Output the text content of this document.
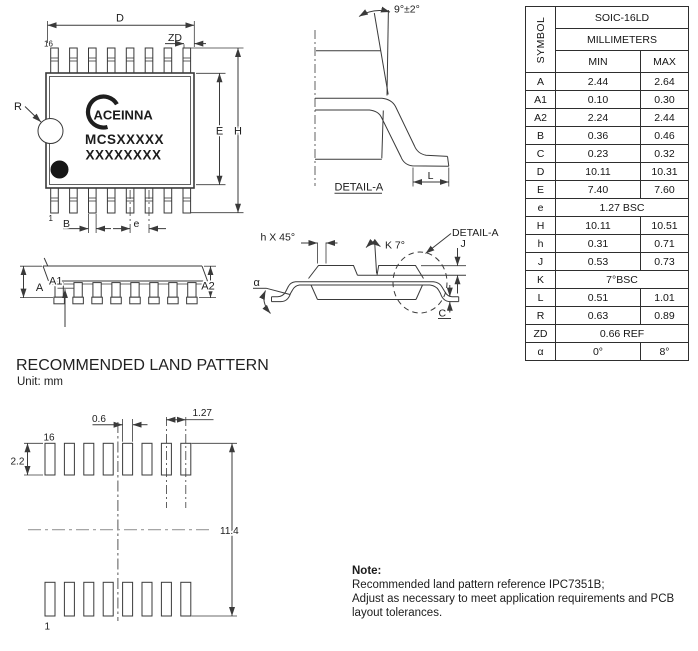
R
ACEINNA
MCSXXXXX
XXXXXXXX
16
1
D
ZD
E H
B	e
9°±2°
DETAIL-A
L
A
A1	A2
K 7°
h X 45°
J
C
α
DETAIL-A
16
1
2.2
0.6
1.27
11.4
RECOMMENDED LAND PATTERN
Unit: mm
Note:
Recommended land pattern reference IPC7351B;
Adjust as necessary to meet application requirements and PCB
layout tolerances.
SYMBOL	SOIC-16LD	
	MILLIMETERS	
	MIN	MAX
A	2.44	2.64
A1	0.10	0.30
A2	2.24	2.44
B	0.36	0.46
C	0.23	0.32
D	10.11	10.31
E	7.40	7.60
e	1.27 BSC	
H	10.11	10.51
h	0.31	0.71
J	0.53	0.73
K	7°BSC	
L	0.51	1.01
R	0.63	0.89
ZD	0.66 REF	
α	0°	8°
